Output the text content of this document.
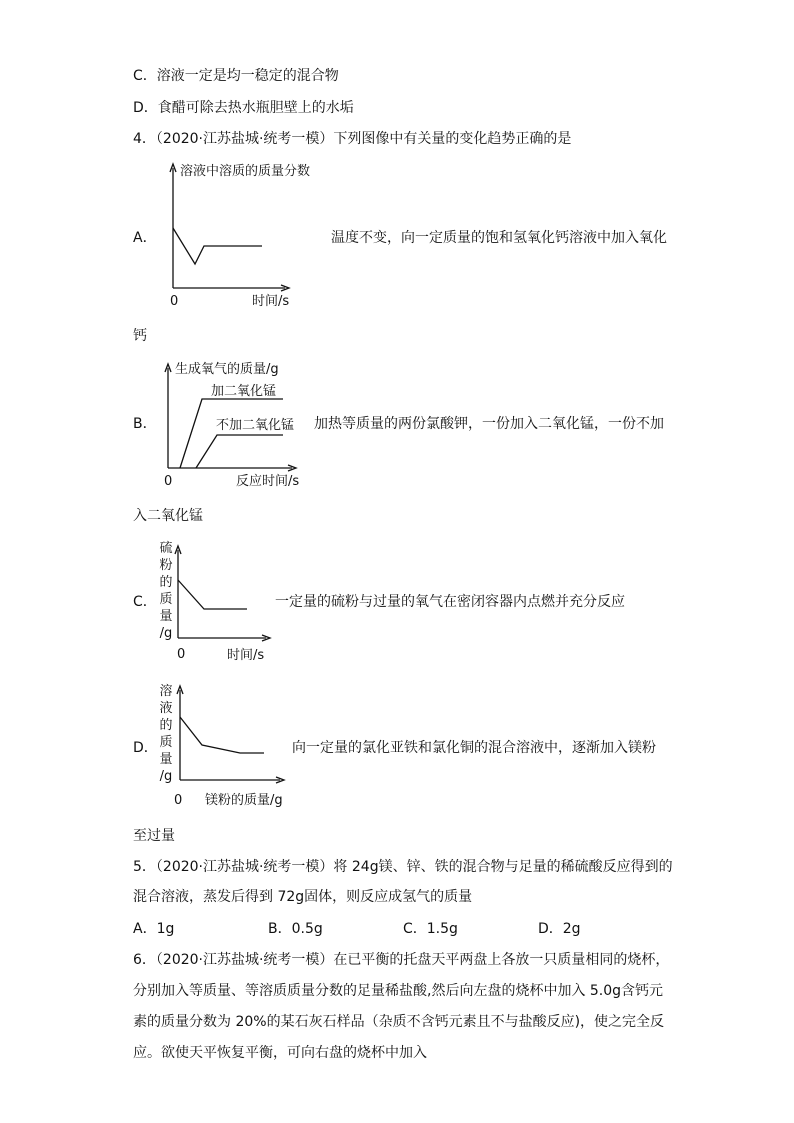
C．溶液一定是均一稳定的混合物
D．食醋可除去热水瓶胆壁上的水垢
4．（2020·江苏盐城·统考一模）下列图像中有关量的变化趋势正确的是
A．
溶液中溶质的质量分数
0	时间/s
温度不变，向一定质量的饱和氢氧化钙溶液中加入氧化
钙
B．
生成氧气的质量/g
加二氧化锰
不加二氧化锰
0	反应时间/s
加热等质量的两份氯酸钾，一份加入二氧化锰，一份不加
入二氧化锰
C．
硫
粉
的
质
量
/g
0	时间/s
一定量的硫粉与过量的氧气在密闭容器内点燃并充分反应
D．
溶
液
的
质
量
/g
0 镁粉的质量/g
向一定量的氯化亚铁和氯化铜的混合溶液中，逐渐加入镁粉
至过量
5．（2020·江苏盐城·统考一模）将 24g镁、锌、铁的混合物与足量的稀硫酸反应得到的
混合溶液，蒸发后得到 72g固体，则反应成氢气的质量
A．1g	B．0.5g	C．1.5g	D．2g
6．（2020·江苏盐城·统考一模）在已平衡的托盘天平两盘上各放一只质量相同的烧杯，
分别加入等质量、等溶质质量分数的足量稀盐酸,然后向左盘的烧杯中加入 5.0g含钙元
素的质量分数为 20%的某石灰石样品（杂质不含钙元素且不与盐酸反应)，使之完全反
应。欲使天平恢复平衡，可向右盘的烧杯中加入
